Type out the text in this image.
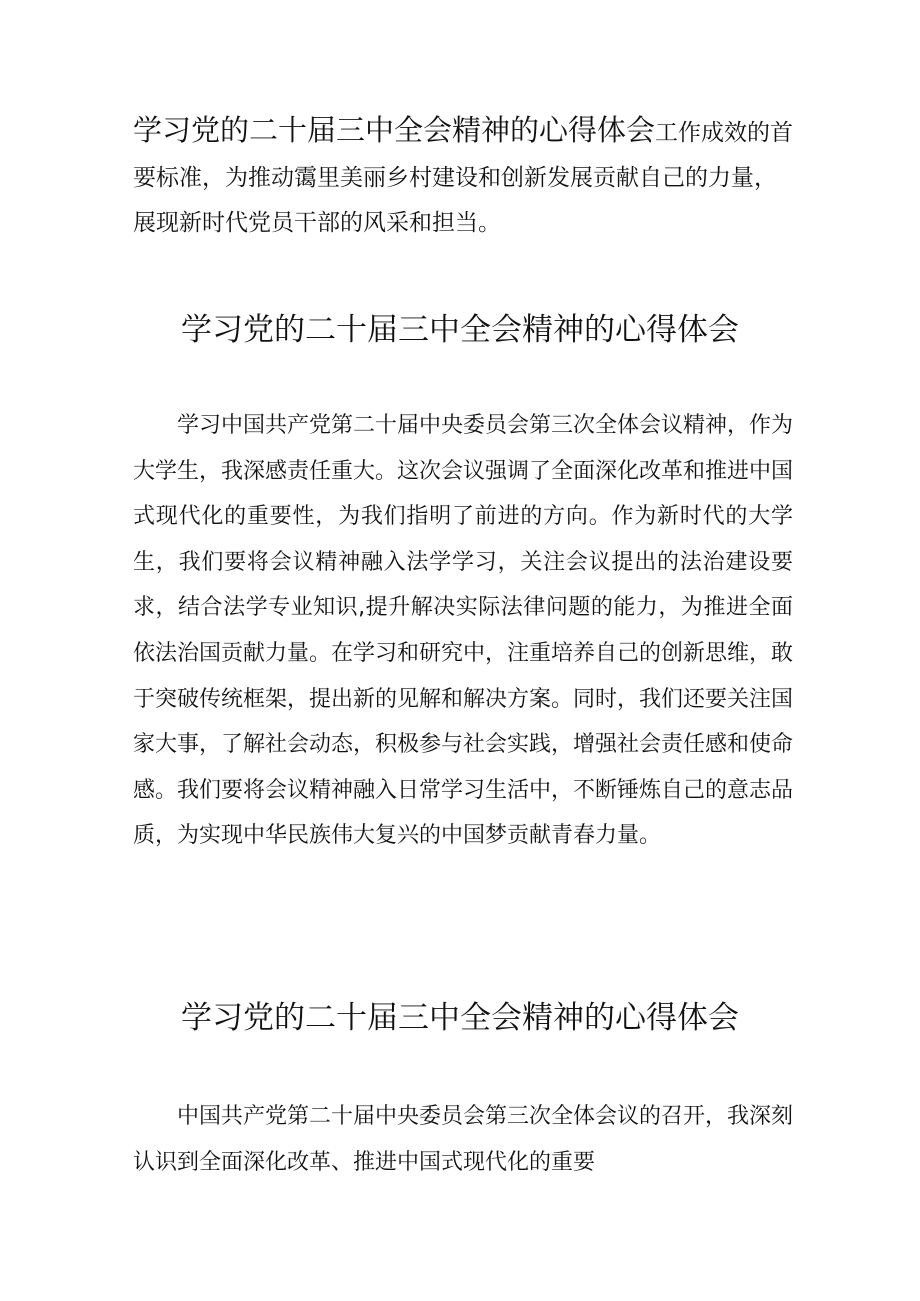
学习党的二十届三中全会精神的心得体会工作成效的首要标准，为推动霭里美丽乡村建设和创新发展贡献自己的力量，展现新时代党员干部的风采和担当。

学习党的二十届三中全会精神的心得体会

学习中国共产党第二十届中央委员会第三次全体会议精神，作为大学生，我深感责任重大。这次会议强调了全面深化改革和推进中国式现代化的重要性，为我们指明了前进的方向。作为新时代的大学生，我们要将会议精神融入法学学习，关注会议提出的法治建设要求，结合法学专业知识,提升解决实际法律问题的能力，为推进全面依法治国贡献力量。在学习和研究中，注重培养自己的创新思维，敢于突破传统框架，提出新的见解和解决方案。同时，我们还要关注国家大事，了解社会动态，积极参与社会实践，增强社会责任感和使命感。我们要将会议精神融入日常学习生活中，不断锤炼自己的意志品质，为实现中华民族伟大复兴的中国梦贡献青春力量。

学习党的二十届三中全会精神的心得体会

中国共产党第二十届中央委员会第三次全体会议的召开，我深刻认识到全面深化改革、推进中国式现代化的重要
